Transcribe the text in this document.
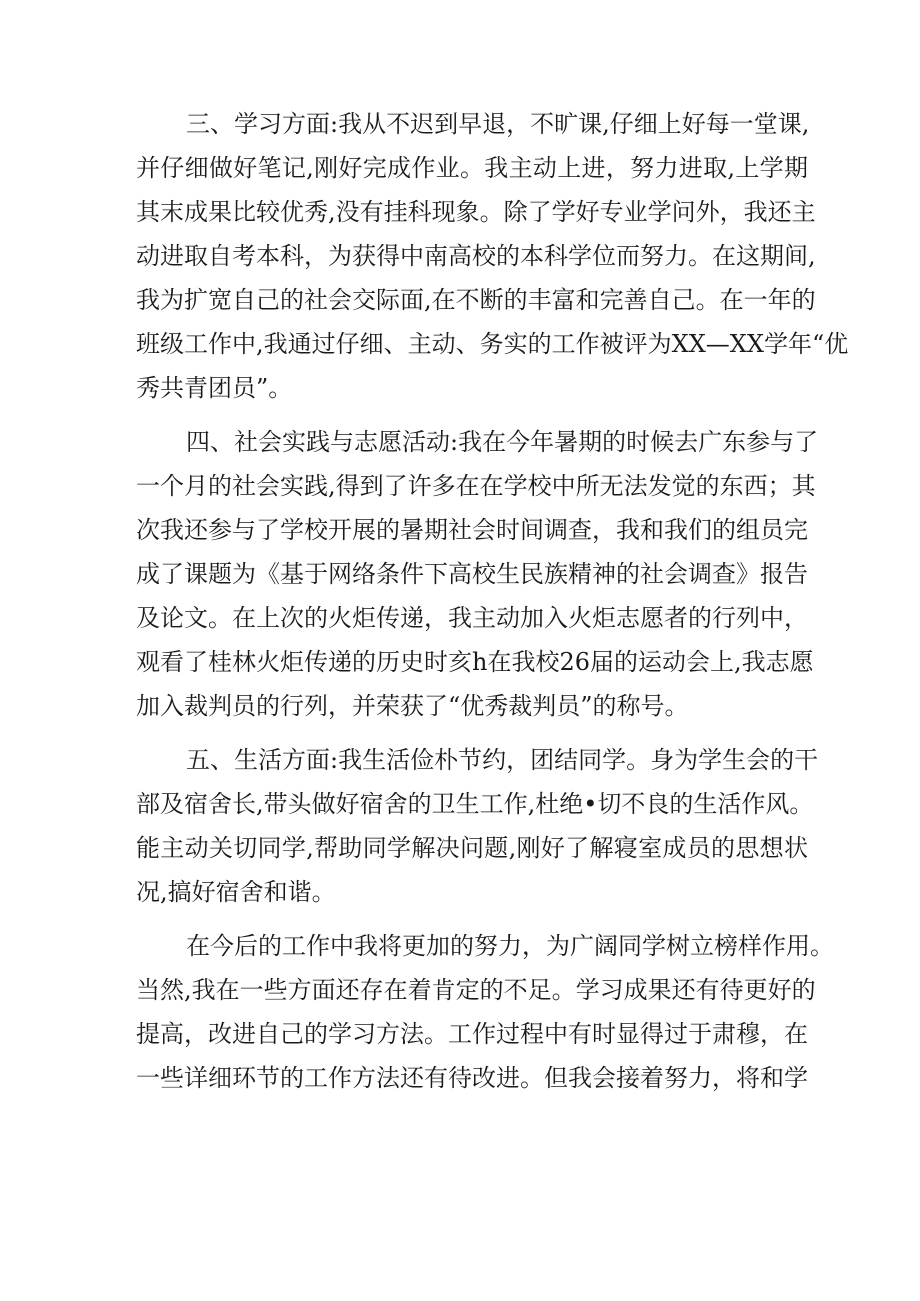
三、学习方面:我从不迟到早退，不旷课,仔细上好每一堂课,
并仔细做好笔记,刚好完成作业。我主动上进，努力进取,上学期
其末成果比较优秀,没有挂科现象。除了学好专业学问外，我还主
动进取自考本科，为获得中南高校的本科学位而努力。在这期间,
我为扩宽自己的社会交际面,在不断的丰富和完善自己。在一年的
班级工作中,我通过仔细、主动、务实的工作被评为XX—XX学年“优
秀共青团员”。
四、社会实践与志愿活动:我在今年暑期的时候去广东参与了
一个月的社会实践,得到了许多在在学校中所无法发觉的东西；其
次我还参与了学校开展的暑期社会时间调查，我和我们的组员完
成了课题为《基于网络条件下高校生民族精神的社会调查》报告
及论文。在上次的火炬传递，我主动加入火炬志愿者的行列中，
观看了桂林火炬传递的历史时亥h在我校26届的运动会上,我志愿
加入裁判员的行列，并荣获了“优秀裁判员”的称号。
五、生活方面:我生活俭朴节约，团结同学。身为学生会的干
部及宿舍长,带头做好宿舍的卫生工作,杜绝•切不良的生活作风。
能主动关切同学,帮助同学解决问题,刚好了解寝室成员的思想状
况,搞好宿舍和谐。
在今后的工作中我将更加的努力，为广阔同学树立榜样作用。
当然,我在一些方面还存在着肯定的不足。学习成果还有待更好的
提高，改进自己的学习方法。工作过程中有时显得过于肃穆，在
一些详细环节的工作方法还有待改进。但我会接着努力，将和学
